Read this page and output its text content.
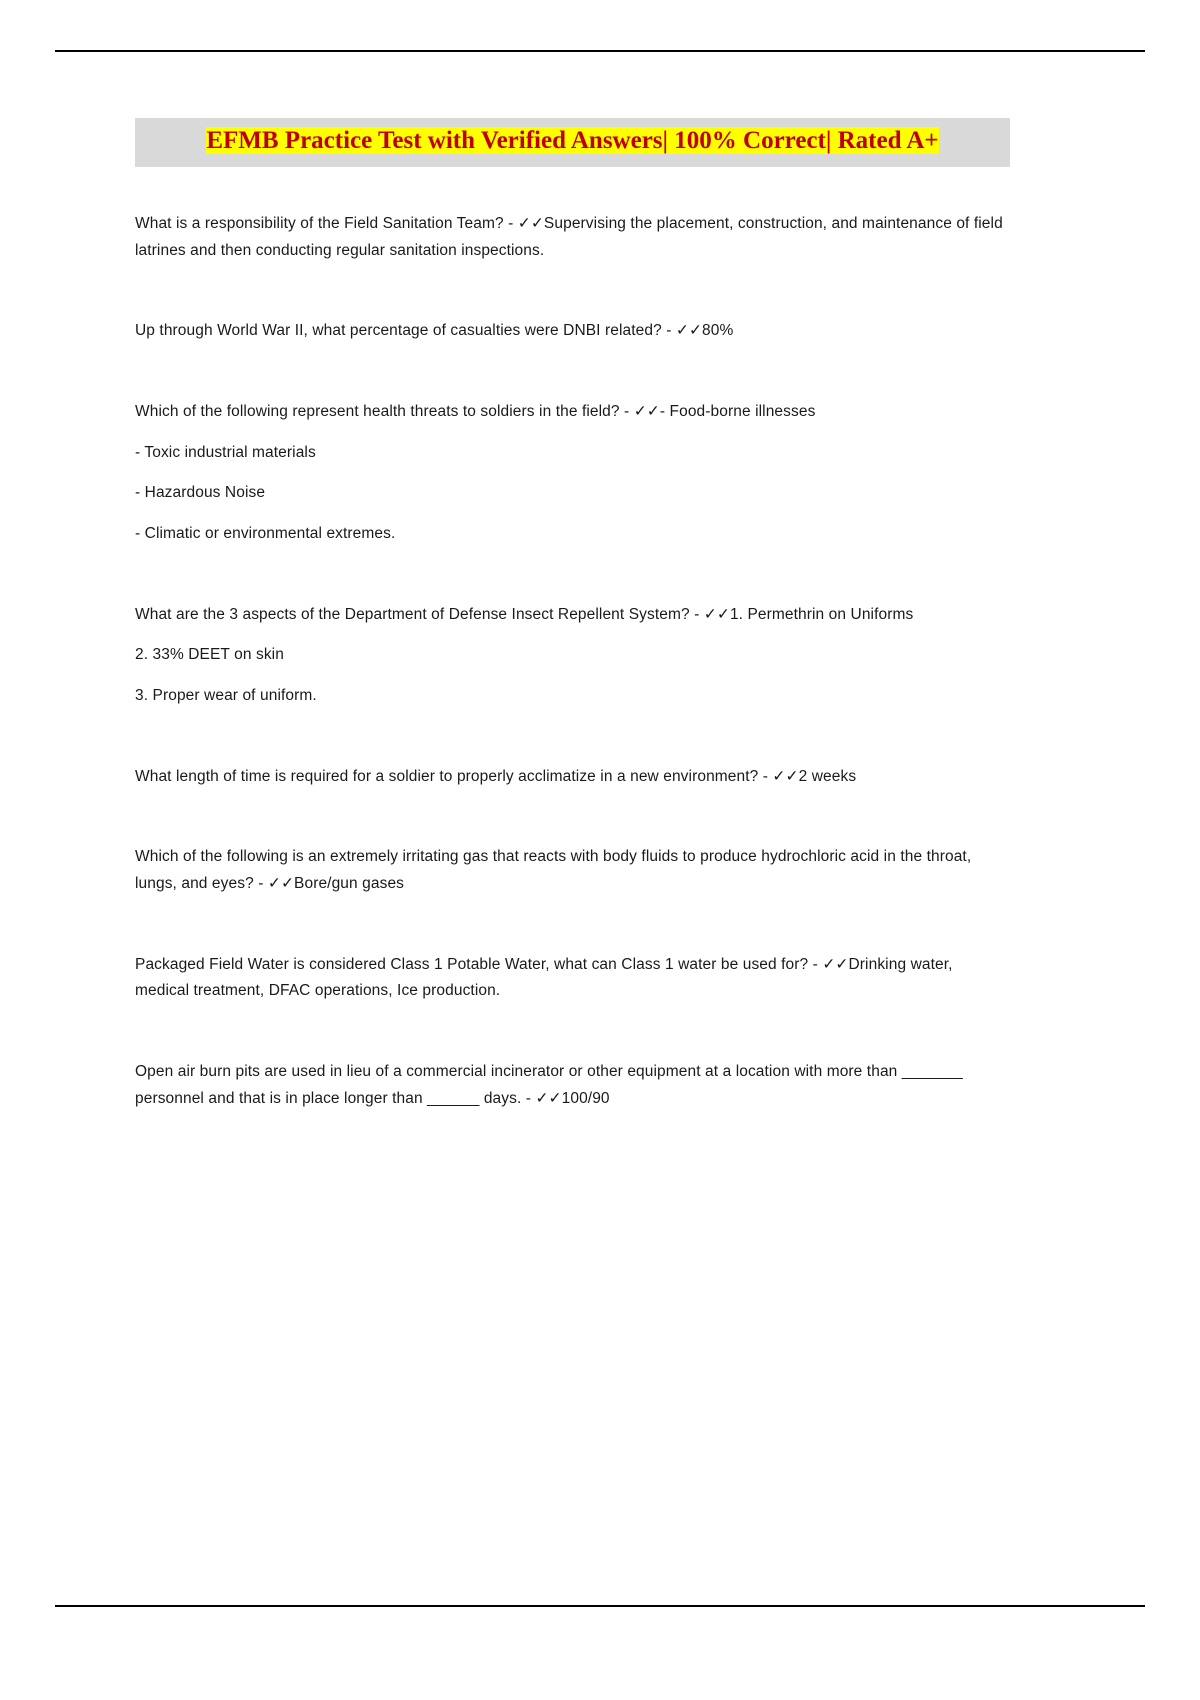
EFMB Practice Test with Verified Answers| 100% Correct| Rated A+

What is a responsibility of the Field Sanitation Team? - ✓✓Supervising the placement, construction, and maintenance of field latrines and then conducting regular sanitation inspections.

Up through World War II, what percentage of casualties were DNBI related? - ✓✓80%

Which of the following represent health threats to soldiers in the field? - ✓✓- Food-borne illnesses

- Toxic industrial materials

- Hazardous Noise

- Climatic or environmental extremes.

What are the 3 aspects of the Department of Defense Insect Repellent System? - ✓✓1. Permethrin on Uniforms

2. 33% DEET on skin

3. Proper wear of uniform.

What length of time is required for a soldier to properly acclimatize in a new environment? - ✓✓2 weeks

Which of the following is an extremely irritating gas that reacts with body fluids to produce hydrochloric acid in the throat, lungs, and eyes? - ✓✓Bore/gun gases

Packaged Field Water is considered Class 1 Potable Water, what can Class 1 water be used for? - ✓✓Drinking water, medical treatment, DFAC operations, Ice production.

Open air burn pits are used in lieu of a commercial incinerator or other equipment at a location with more than _______ personnel and that is in place longer than ______ days. - ✓✓100/90
